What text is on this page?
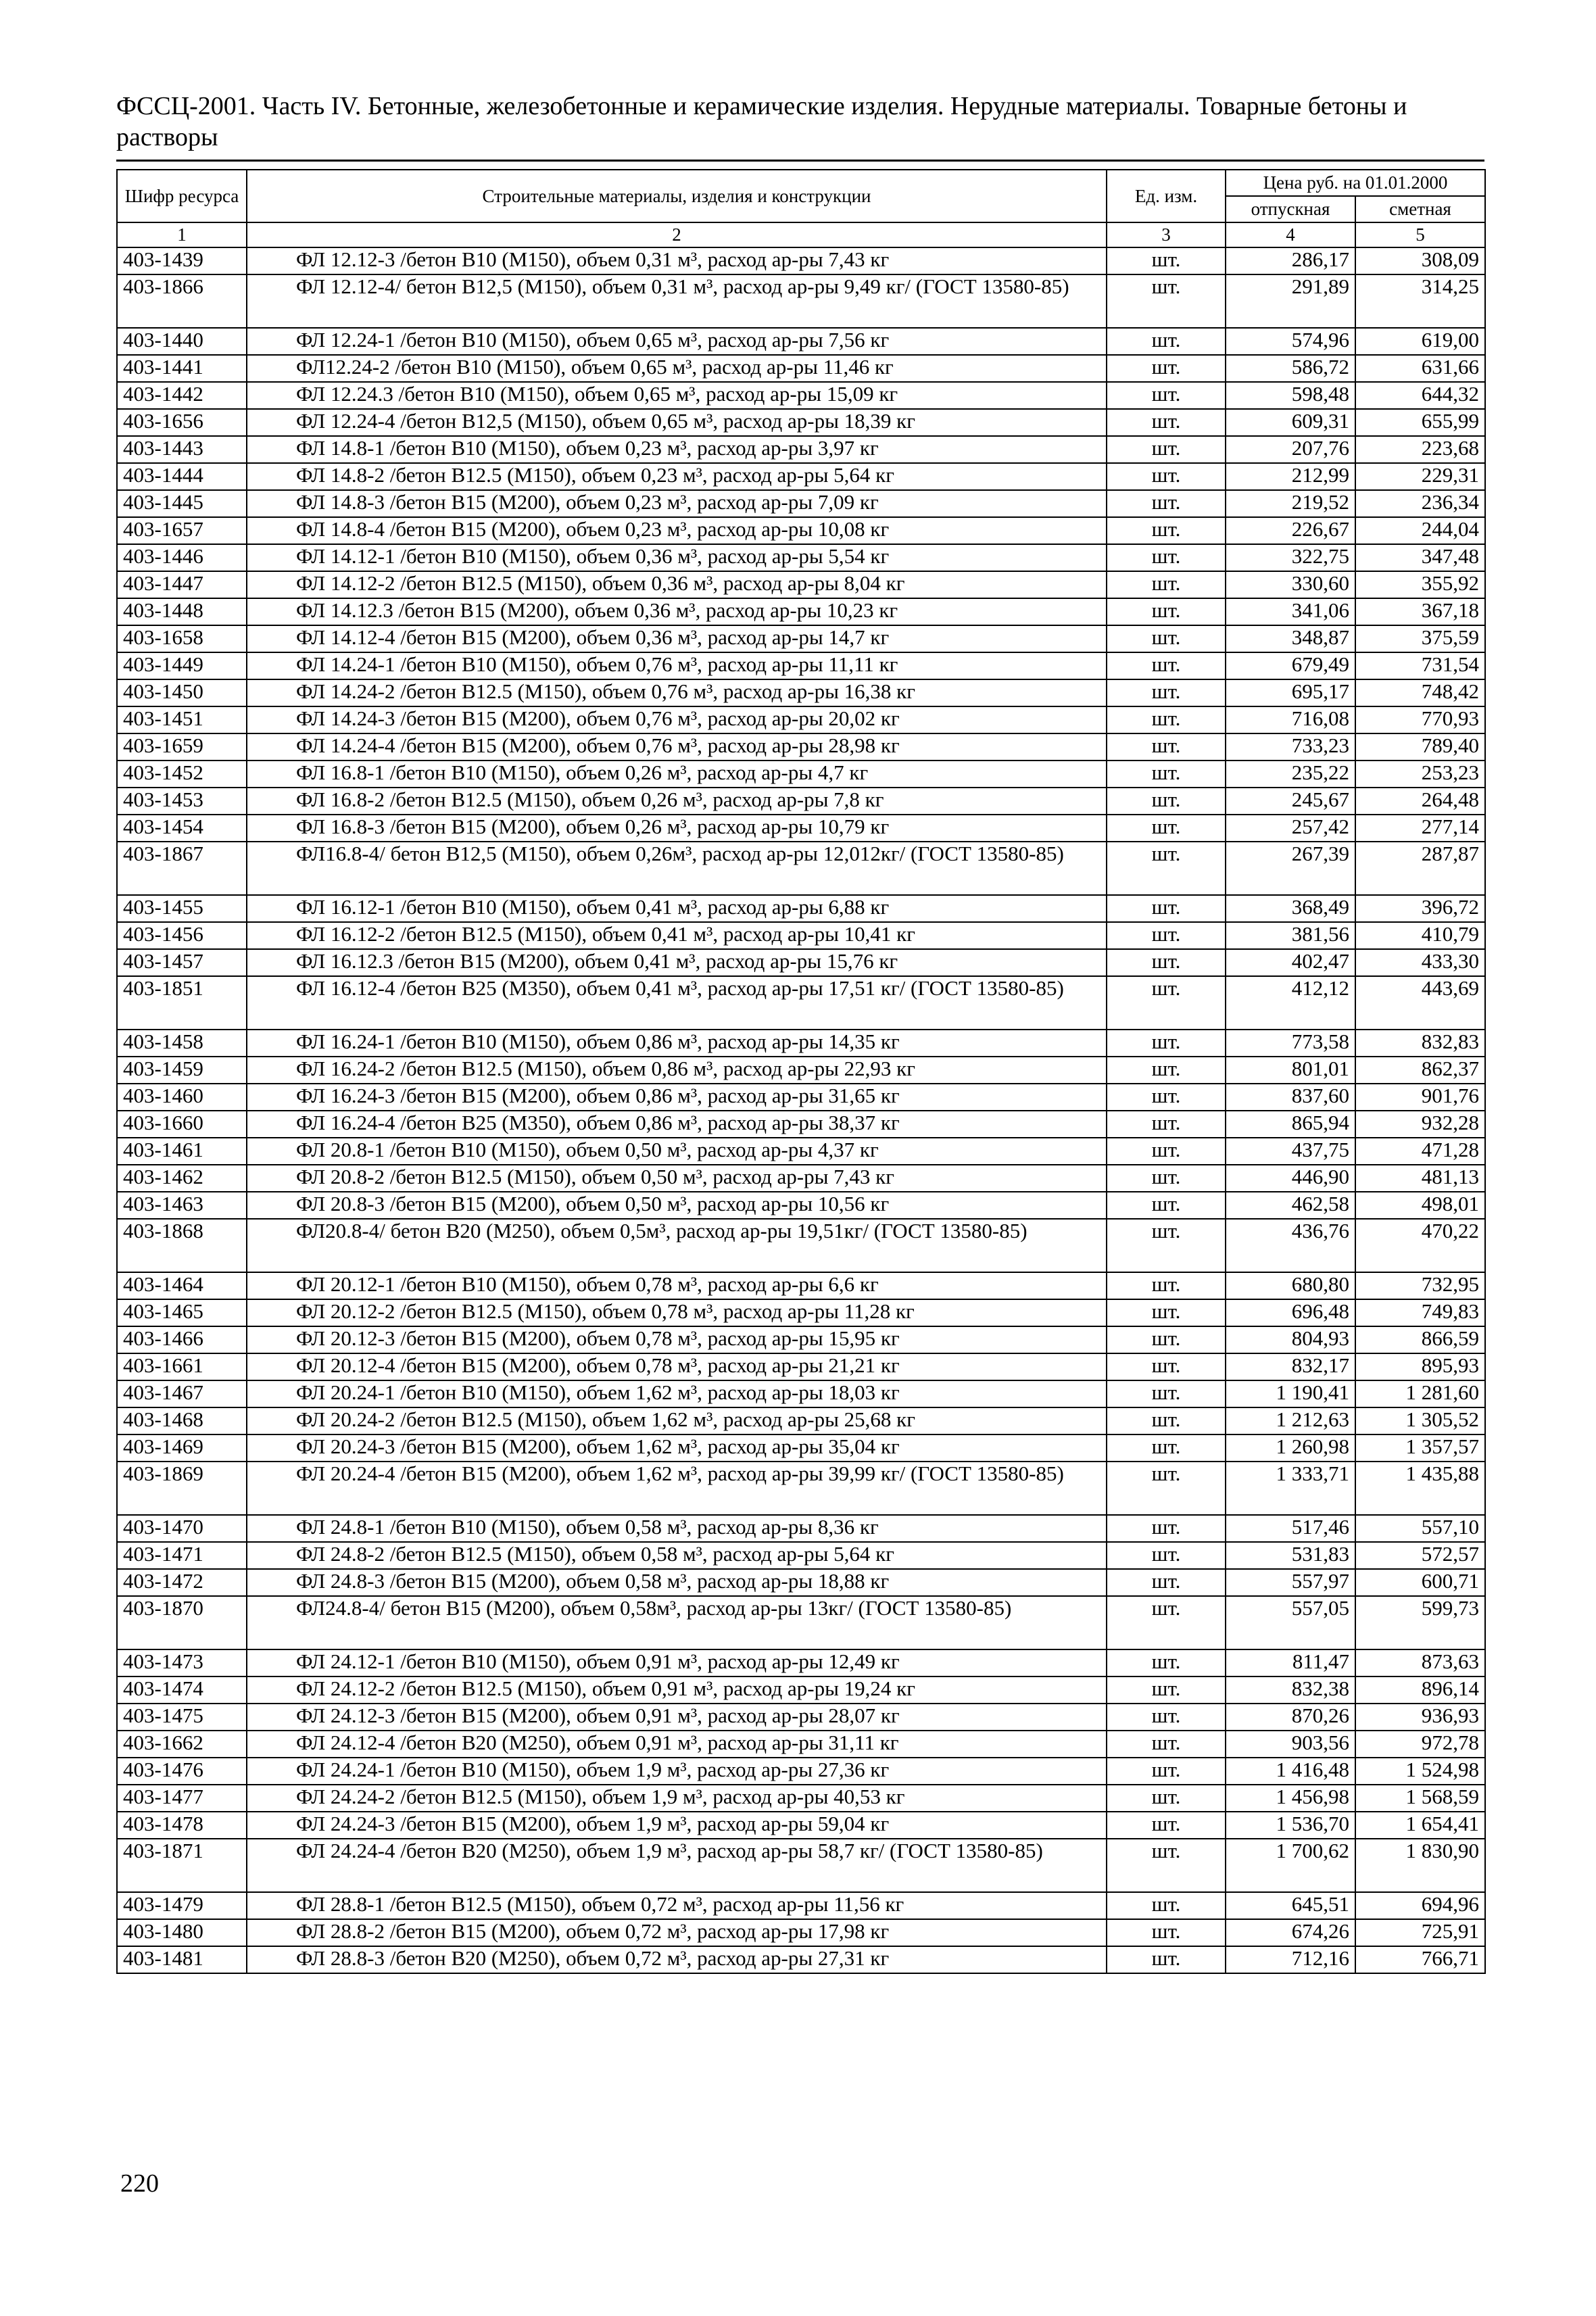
ФССЦ-2001. Часть IV. Бетонные, железобетонные и керамические изделия. Нерудные материалы. Товарные бетоны и растворы
Шифр ресурса	Строительные материалы, изделия и конструкции	Ед. изм.	Цена руб. на 01.01.2000	
			отпускная	сметная
1	2	3	4	5
403-1439	ФЛ 12.12-3 /бетон В10 (М150), объем 0,31 м³, расход ар-ры 7,43 кг	шт.	286,17	308,09
403-1866	ФЛ 12.12-4/ бетон В12,5 (М150), объем 0,31 м³, расход ар-ры 9,49 кг/ (ГОСТ 13580-85)	шт.	291,89	314,25
403-1440	ФЛ 12.24-1 /бетон В10 (М150), объем 0,65 м³, расход ар-ры 7,56 кг	шт.	574,96	619,00
403-1441	ФЛ12.24-2 /бетон В10 (М150), объем 0,65 м³, расход ар-ры 11,46 кг	шт.	586,72	631,66
403-1442	ФЛ 12.24.3 /бетон В10 (М150), объем 0,65 м³, расход ар-ры 15,09 кг	шт.	598,48	644,32
403-1656	ФЛ 12.24-4 /бетон В12,5 (М150), объем 0,65 м³, расход ар-ры 18,39 кг	шт.	609,31	655,99
403-1443	ФЛ 14.8-1 /бетон В10 (М150), объем 0,23 м³, расход ар-ры 3,97 кг	шт.	207,76	223,68
403-1444	ФЛ 14.8-2 /бетон В12.5 (М150), объем 0,23 м³, расход ар-ры 5,64 кг	шт.	212,99	229,31
403-1445	ФЛ 14.8-3 /бетон В15 (М200), объем 0,23 м³, расход ар-ры 7,09 кг	шт.	219,52	236,34
403-1657	ФЛ 14.8-4 /бетон В15 (М200), объем 0,23 м³, расход ар-ры 10,08 кг	шт.	226,67	244,04
403-1446	ФЛ 14.12-1 /бетон В10 (М150), объем 0,36 м³, расход ар-ры 5,54 кг	шт.	322,75	347,48
403-1447	ФЛ 14.12-2 /бетон В12.5 (М150), объем 0,36 м³, расход ар-ры 8,04 кг	шт.	330,60	355,92
403-1448	ФЛ 14.12.3 /бетон В15 (М200), объем 0,36 м³, расход ар-ры 10,23 кг	шт.	341,06	367,18
403-1658	ФЛ 14.12-4 /бетон В15 (М200), объем 0,36 м³, расход ар-ры 14,7 кг	шт.	348,87	375,59
403-1449	ФЛ 14.24-1 /бетон В10 (М150), объем 0,76 м³, расход ар-ры 11,11 кг	шт.	679,49	731,54
403-1450	ФЛ 14.24-2 /бетон В12.5 (М150), объем 0,76 м³, расход ар-ры 16,38 кг	шт.	695,17	748,42
403-1451	ФЛ 14.24-3 /бетон В15 (М200), объем 0,76 м³, расход ар-ры 20,02 кг	шт.	716,08	770,93
403-1659	ФЛ 14.24-4 /бетон В15 (М200), объем 0,76 м³, расход ар-ры 28,98 кг	шт.	733,23	789,40
403-1452	ФЛ 16.8-1 /бетон В10 (М150), объем 0,26 м³, расход ар-ры 4,7 кг	шт.	235,22	253,23
403-1453	ФЛ 16.8-2 /бетон В12.5 (М150), объем 0,26 м³, расход ар-ры 7,8 кг	шт.	245,67	264,48
403-1454	ФЛ 16.8-3 /бетон В15 (М200), объем 0,26 м³, расход ар-ры 10,79 кг	шт.	257,42	277,14
403-1867	ФЛ16.8-4/ бетон В12,5 (М150), объем 0,26м³, расход ар-ры 12,012кг/ (ГОСТ 13580-85)	шт.	267,39	287,87
403-1455	ФЛ 16.12-1 /бетон В10 (М150), объем 0,41 м³, расход ар-ры 6,88 кг	шт.	368,49	396,72
403-1456	ФЛ 16.12-2 /бетон В12.5 (М150), объем 0,41 м³, расход ар-ры 10,41 кг	шт.	381,56	410,79
403-1457	ФЛ 16.12.3 /бетон В15 (М200), объем 0,41 м³, расход ар-ры 15,76 кг	шт.	402,47	433,30
403-1851	ФЛ 16.12-4 /бетон В25 (М350), объем 0,41 м³, расход ар-ры 17,51 кг/ (ГОСТ 13580-85)	шт.	412,12	443,69
403-1458	ФЛ 16.24-1 /бетон В10 (М150), объем 0,86 м³, расход ар-ры 14,35 кг	шт.	773,58	832,83
403-1459	ФЛ 16.24-2 /бетон В12.5 (М150), объем 0,86 м³, расход ар-ры 22,93 кг	шт.	801,01	862,37
403-1460	ФЛ 16.24-3 /бетон В15 (М200), объем 0,86 м³, расход ар-ры 31,65 кг	шт.	837,60	901,76
403-1660	ФЛ 16.24-4 /бетон В25 (М350), объем 0,86 м³, расход ар-ры 38,37 кг	шт.	865,94	932,28
403-1461	ФЛ 20.8-1 /бетон В10 (М150), объем 0,50 м³, расход ар-ры 4,37 кг	шт.	437,75	471,28
403-1462	ФЛ 20.8-2 /бетон В12.5 (М150), объем 0,50 м³, расход ар-ры 7,43 кг	шт.	446,90	481,13
403-1463	ФЛ 20.8-3 /бетон В15 (М200), объем 0,50 м³, расход ар-ры 10,56 кг	шт.	462,58	498,01
403-1868	ФЛ20.8-4/ бетон В20 (М250), объем 0,5м³, расход ар-ры 19,51кг/ (ГОСТ 13580-85)	шт.	436,76	470,22
403-1464	ФЛ 20.12-1 /бетон В10 (М150), объем 0,78 м³, расход ар-ры 6,6 кг	шт.	680,80	732,95
403-1465	ФЛ 20.12-2 /бетон В12.5 (М150), объем 0,78 м³, расход ар-ры 11,28 кг	шт.	696,48	749,83
403-1466	ФЛ 20.12-3 /бетон В15 (М200), объем 0,78 м³, расход ар-ры 15,95 кг	шт.	804,93	866,59
403-1661	ФЛ 20.12-4 /бетон В15 (М200), объем 0,78 м³, расход ар-ры 21,21 кг	шт.	832,17	895,93
403-1467	ФЛ 20.24-1 /бетон В10 (М150), объем 1,62 м³, расход ар-ры 18,03 кг	шт.	1 190,41	1 281,60
403-1468	ФЛ 20.24-2 /бетон В12.5 (М150), объем 1,62 м³, расход ар-ры 25,68 кг	шт.	1 212,63	1 305,52
403-1469	ФЛ 20.24-3 /бетон В15 (М200), объем 1,62 м³, расход ар-ры 35,04 кг	шт.	1 260,98	1 357,57
403-1869	ФЛ 20.24-4 /бетон В15 (М200), объем 1,62 м³, расход ар-ры 39,99 кг/ (ГОСТ 13580-85)	шт.	1 333,71	1 435,88
403-1470	ФЛ 24.8-1 /бетон В10 (М150), объем 0,58 м³, расход ар-ры 8,36 кг	шт.	517,46	557,10
403-1471	ФЛ 24.8-2 /бетон В12.5 (М150), объем 0,58 м³, расход ар-ры 5,64 кг	шт.	531,83	572,57
403-1472	ФЛ 24.8-3 /бетон В15 (М200), объем 0,58 м³, расход ар-ры 18,88 кг	шт.	557,97	600,71
403-1870	ФЛ24.8-4/ бетон В15 (М200), объем 0,58м³, расход ар-ры 13кг/ (ГОСТ 13580-85)	шт.	557,05	599,73
403-1473	ФЛ 24.12-1 /бетон В10 (М150), объем 0,91 м³, расход ар-ры 12,49 кг	шт.	811,47	873,63
403-1474	ФЛ 24.12-2 /бетон В12.5 (М150), объем 0,91 м³, расход ар-ры 19,24 кг	шт.	832,38	896,14
403-1475	ФЛ 24.12-3 /бетон В15 (М200), объем 0,91 м³, расход ар-ры 28,07 кг	шт.	870,26	936,93
403-1662	ФЛ 24.12-4 /бетон В20 (М250), объем 0,91 м³, расход ар-ры 31,11 кг	шт.	903,56	972,78
403-1476	ФЛ 24.24-1 /бетон В10 (М150), объем 1,9 м³, расход ар-ры 27,36 кг	шт.	1 416,48	1 524,98
403-1477	ФЛ 24.24-2 /бетон В12.5 (М150), объем 1,9 м³, расход ар-ры 40,53 кг	шт.	1 456,98	1 568,59
403-1478	ФЛ 24.24-3 /бетон В15 (М200), объем 1,9 м³, расход ар-ры 59,04 кг	шт.	1 536,70	1 654,41
403-1871	ФЛ 24.24-4 /бетон В20 (М250), объем 1,9 м³, расход ар-ры 58,7 кг/ (ГОСТ 13580-85)	шт.	1 700,62	1 830,90
403-1479	ФЛ 28.8-1 /бетон В12.5 (М150), объем 0,72 м³, расход ар-ры 11,56 кг	шт.	645,51	694,96
403-1480	ФЛ 28.8-2 /бетон В15 (М200), объем 0,72 м³, расход ар-ры 17,98 кг	шт.	674,26	725,91
403-1481	ФЛ 28.8-3 /бетон В20 (М250), объем 0,72 м³, расход ар-ры 27,31 кг	шт.	712,16	766,71
220
